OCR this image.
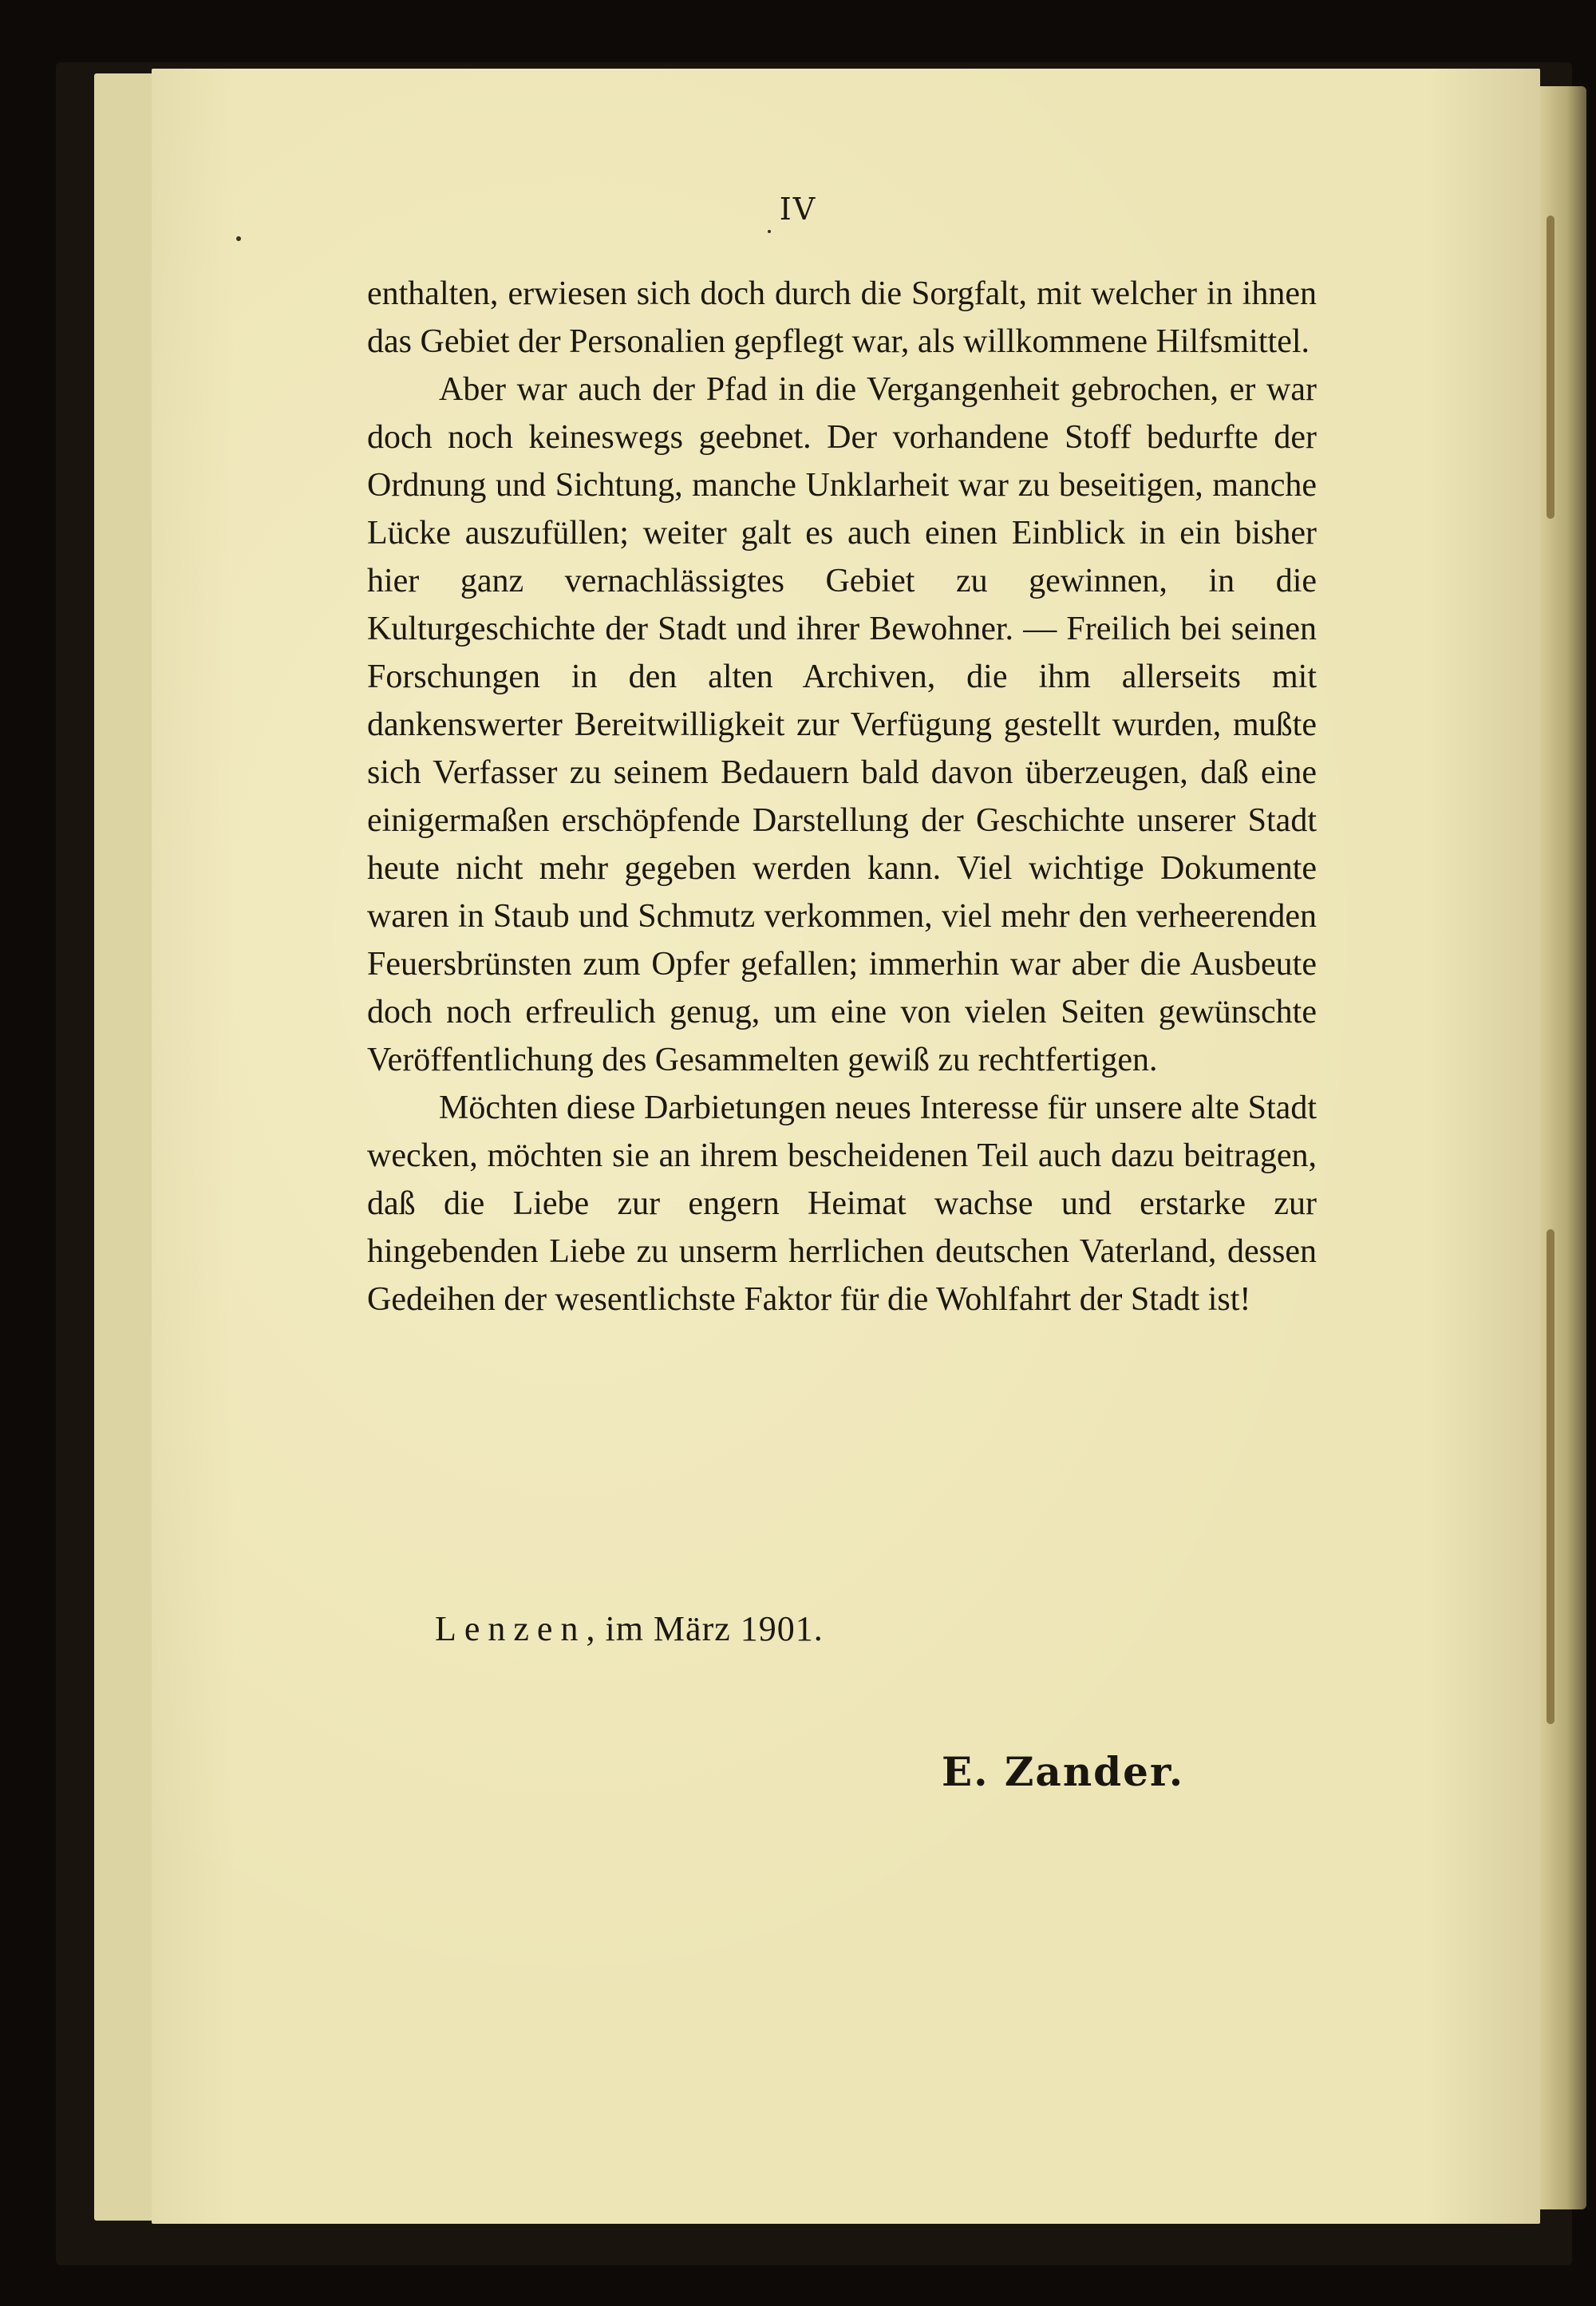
IV

enthalten, erwiesen sich doch durch die Sorgfalt, mit welcher in ihnen das Gebiet der Personalien gepflegt war, als willkommene Hilfsmittel.

Aber war auch der Pfad in die Vergangenheit gebrochen, er war doch noch keineswegs geebnet. Der vorhandene Stoff bedurfte der Ordnung und Sichtung, manche Unklarheit war zu beseitigen, manche Lücke auszufüllen; weiter galt es auch einen Einblick in ein bisher hier ganz vernachlässigtes Gebiet zu gewinnen, in die Kulturgeschichte der Stadt und ihrer Bewohner. — Freilich bei seinen Forschungen in den alten Archiven, die ihm allerseits mit dankenswerter Bereitwilligkeit zur Verfügung gestellt wurden, mußte sich Verfasser zu seinem Bedauern bald davon überzeugen, daß eine einigermaßen erschöpfende Darstellung der Geschichte unserer Stadt heute nicht mehr gegeben werden kann. Viel wichtige Dokumente waren in Staub und Schmutz verkommen, viel mehr den verheerenden Feuersbrünsten zum Opfer gefallen; immerhin war aber die Ausbeute doch noch erfreulich genug, um eine von vielen Seiten gewünschte Veröffentlichung des Gesammelten gewiß zu rechtfertigen.

Möchten diese Darbietungen neues Interesse für unsere alte Stadt wecken, möchten sie an ihrem bescheidenen Teil auch dazu beitragen, daß die Liebe zur engern Heimat wachse und erstarke zur hingebenden Liebe zu unserm herrlichen deutschen Vaterland, dessen Gedeihen der wesentlichste Faktor für die Wohlfahrt der Stadt ist!

Lenzen, im März 1901.
E. Zander.
